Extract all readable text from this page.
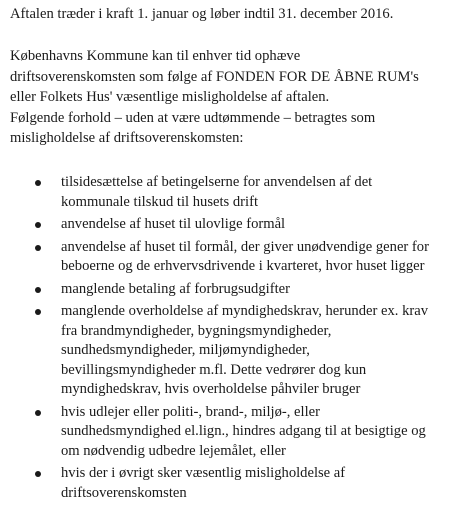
Aftalen træder i kraft 1. januar og løber indtil 31. december 2016.

Københavns Kommune kan til enhver tid ophæve
driftsoverenskomsten som følge af FONDEN FOR DE ÅBNE RUM's
eller Folkets Hus' væsentlige misligholdelse af aftalen.
Følgende forhold – uden at være udtømmende – betragtes som
misligholdelse af driftsoverenskomsten:

tilsidesættelse af betingelserne for anvendelsen af det
kommunale tilskud til husets drift
anvendelse af huset til ulovlige formål
anvendelse af huset til formål, der giver unødvendige gener for
beboerne og de erhvervsdrivende i kvarteret, hvor huset ligger
manglende betaling af forbrugsudgifter
manglende overholdelse af myndighedskrav, herunder ex. krav
fra brandmyndigheder, bygningsmyndigheder,
sundhedsmyndigheder, miljømyndigheder,
bevillingsmyndigheder m.fl. Dette vedrører dog kun
myndighedskrav, hvis overholdelse påhviler bruger
hvis udlejer eller politi-, brand-, miljø-, eller
sundhedsmyndighed el.lign., hindres adgang til at besigtige og
om nødvendig udbedre lejemålet, eller
hvis der i øvrigt sker væsentlig misligholdelse af
driftsoverenskomsten
